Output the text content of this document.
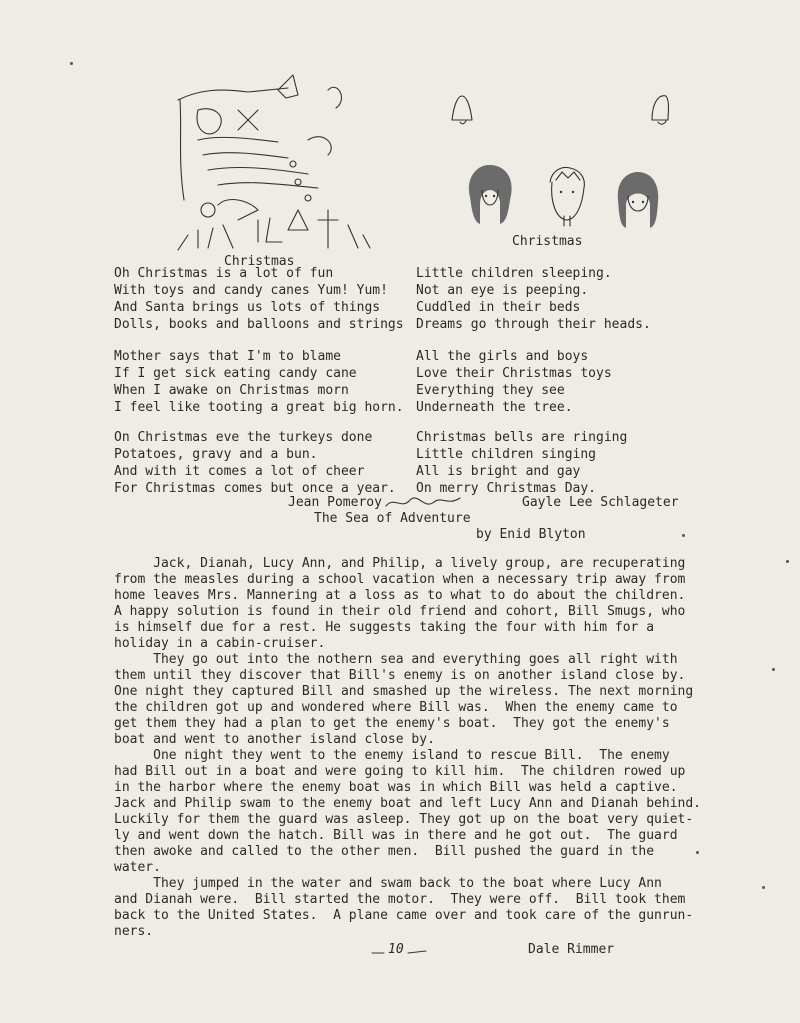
Christmas
Christmas
Oh Christmas is a lot of fun
With toys and candy canes Yum! Yum!
And Santa brings us lots of things
Dolls, books and balloons and strings
Mother says that I'm to blame
If I get sick eating candy cane
When I awake on Christmas morn
I feel like tooting a great big horn.
On Christmas eve the turkeys done
Potatoes, gravy and a bun.
And with it comes a lot of cheer
For Christmas comes but once a year.
Little children sleeping.
Not an eye is peeping.
Cuddled in their beds
Dreams go through their heads.
All the girls and boys
Love their Christmas toys
Everything they see
Underneath the tree.
Christmas bells are ringing
Little children singing
All is bright and gay
On merry Christmas Day.
Jean Pomeroy	Gayle Lee Schlageter
The Sea of Adventure
by Enid Blyton
Jack, Dianah, Lucy Ann, and Philip, a lively group, are recuperating
from the measles during a school vacation when a necessary trip away from
home leaves Mrs. Mannering at a loss as to what to do about the children.
A happy solution is found in their old friend and cohort, Bill Smugs, who
is himself due for a rest. He suggests taking the four with him for a
holiday in a cabin-cruiser.
They go out into the nothern sea and everything goes all right with
them until they discover that Bill's enemy is on another island close by.
One night they captured Bill and smashed up the wireless. The next morning
the children got up and wondered where Bill was.  When the enemy came to
get them they had a plan to get the enemy's boat.  They got the enemy's
boat and went to another island close by.
One night they went to the enemy island to rescue Bill.  The enemy
had Bill out in a boat and were going to kill him.  The children rowed up
in the harbor where the enemy boat was in which Bill was held a captive.
Jack and Philip swam to the enemy boat and left Lucy Ann and Dianah behind.
Luckily for them the guard was asleep. They got up on the boat very quiet-
ly and went down the hatch. Bill was in there and he got out.  The guard
then awoke and called to the other men.  Bill pushed the guard in the
water.
They jumped in the water and swam back to the boat where Lucy Ann
and Dianah were.  Bill started the motor.  They were off.  Bill took them
back to the United States.  A plane came over and took care of the gunrun-
ners.
10	Dale Rimmer
